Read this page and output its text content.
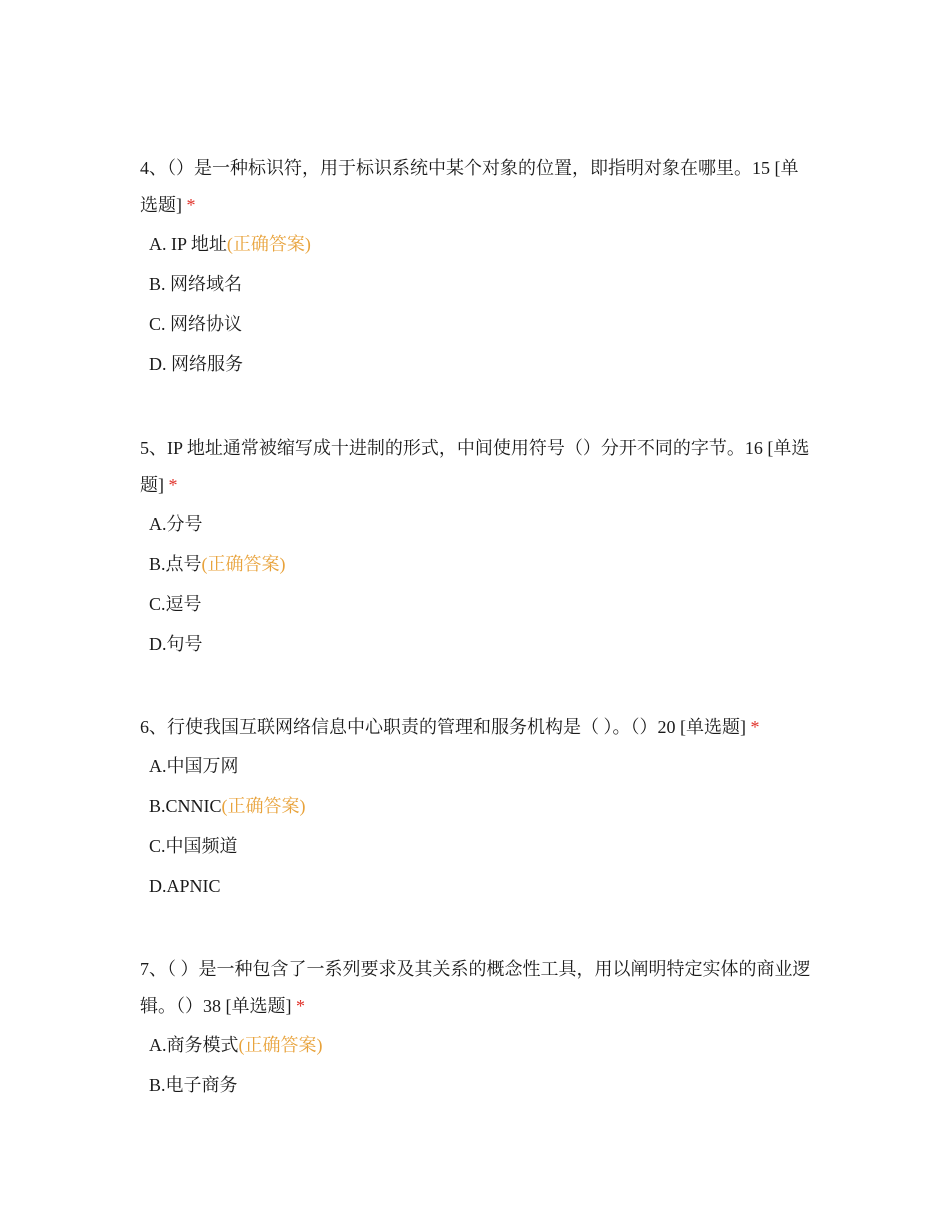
4、（）是一种标识符，用于标识系统中某个对象的位置，即指明对象在哪里。15 [单选题] *

A. IP 地址(正确答案)
B. 网络域名
C. 网络协议
D. 网络服务

5、IP 地址通常被缩写成十进制的形式，中间使用符号（）分开不同的字节。16 [单选题] *

A.分号
B.点号(正确答案)
C.逗号
D.句号

6、行使我国互联网络信息中心职责的管理和服务机构是（ ）。（）20 [单选题] *

A.中国万网
B.CNNIC(正确答案)
C.中国频道
D.APNIC

7、（ ）是一种包含了一系列要求及其关系的概念性工具，用以阐明特定实体的商业逻辑。（）38 [单选题] *

A.商务模式(正确答案)
B.电子商务
